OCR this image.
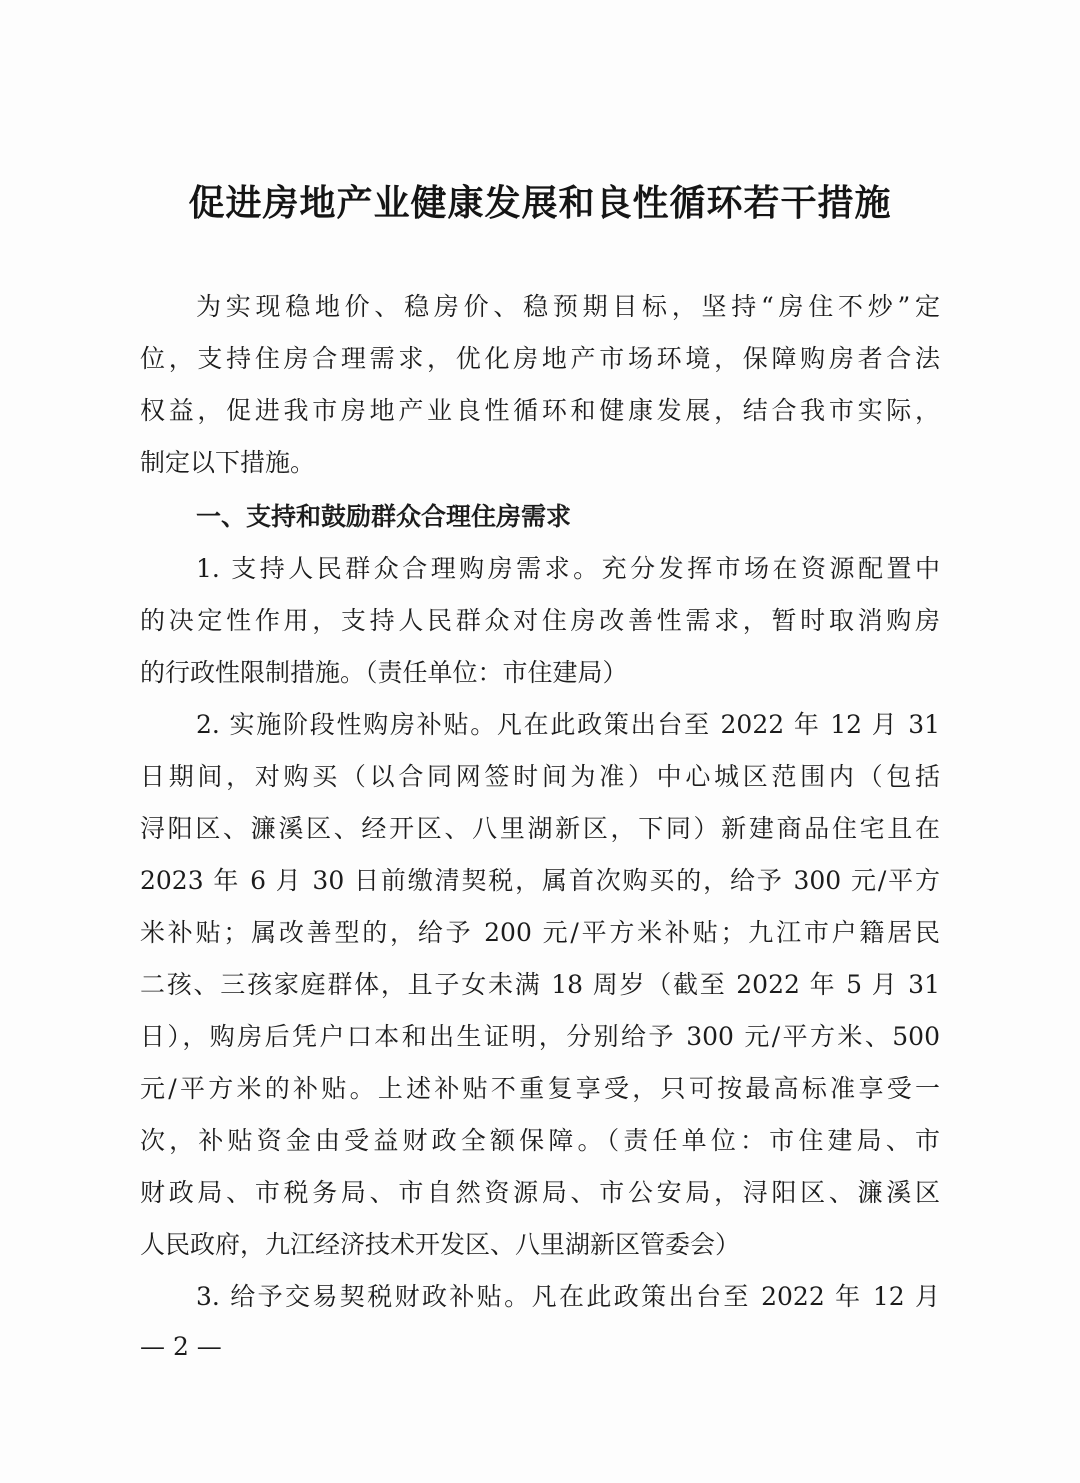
促进房地产业健康发展和良性循环若干措施
为实现稳地价、稳房价、稳预期目标，坚持“房住不炒”定
位，支持住房合理需求，优化房地产市场环境，保障购房者合法
权益，促进我市房地产业良性循环和健康发展，结合我市实际，
制定以下措施。
一、支持和鼓励群众合理住房需求
1. 支持人民群众合理购房需求。充分发挥市场在资源配置中
的决定性作用，支持人民群众对住房改善性需求，暂时取消购房
的行政性限制措施。（责任单位：市住建局）
2. 实施阶段性购房补贴。凡在此政策出台至 2022 年 12 月 31
日期间，对购买（以合同网签时间为准）中心城区范围内（包括
浔阳区、濂溪区、经开区、八里湖新区，下同）新建商品住宅且在
2023 年 6 月 30 日前缴清契税，属首次购买的，给予 300 元/平方
米补贴；属改善型的，给予 200 元/平方米补贴；九江市户籍居民
二孩、三孩家庭群体，且子女未满 18 周岁（截至 2022 年 5 月 31
日），购房后凭户口本和出生证明，分别给予 300 元/平方米、500
元/平方米的补贴。上述补贴不重复享受，只可按最高标准享受一
次，补贴资金由受益财政全额保障。（责任单位：市住建局、市
财政局、市税务局、市自然资源局、市公安局，浔阳区、濂溪区
人民政府，九江经济技术开发区、八里湖新区管委会）
3. 给予交易契税财政补贴。凡在此政策出台至 2022 年 12 月
— 2 —
